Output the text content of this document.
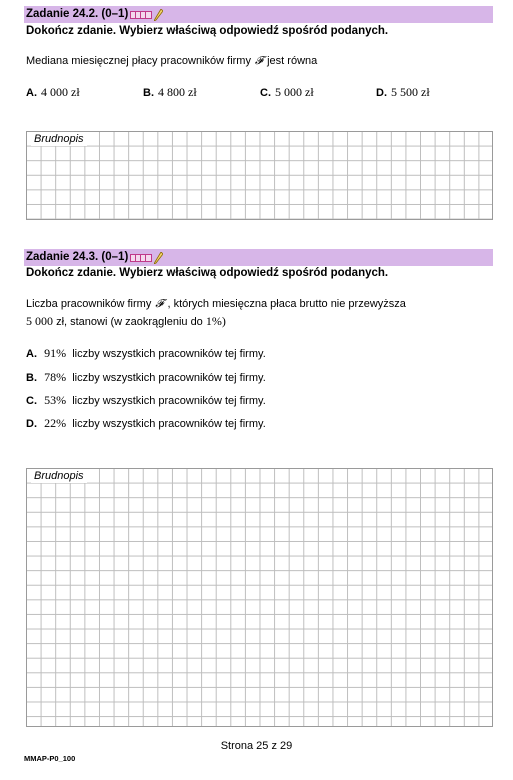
Zadanie 24.2. (0–1)
Dokończ zdanie. Wybierz właściwą odpowiedź spośród podanych.
Mediana miesięcznej płacy pracowników firmy 𝓕 jest równa
A. 4 000 zł	B. 4 800 zł	C. 5 000 zł	D. 5 500 zł
Brudnopis
Zadanie 24.3. (0–1)
Dokończ zdanie. Wybierz właściwą odpowiedź spośród podanych.
Liczba pracowników firmy 𝓕 , których miesięczna płaca brutto nie przewyższa
5 000 zł, stanowi (w zaokrągleniu do 1%)
A. 91% liczby wszystkich pracowników tej firmy.
B. 78% liczby wszystkich pracowników tej firmy.
C. 53% liczby wszystkich pracowników tej firmy.
D. 22% liczby wszystkich pracowników tej firmy.
Brudnopis
Strona 25 z 29
MMAP-P0_100
